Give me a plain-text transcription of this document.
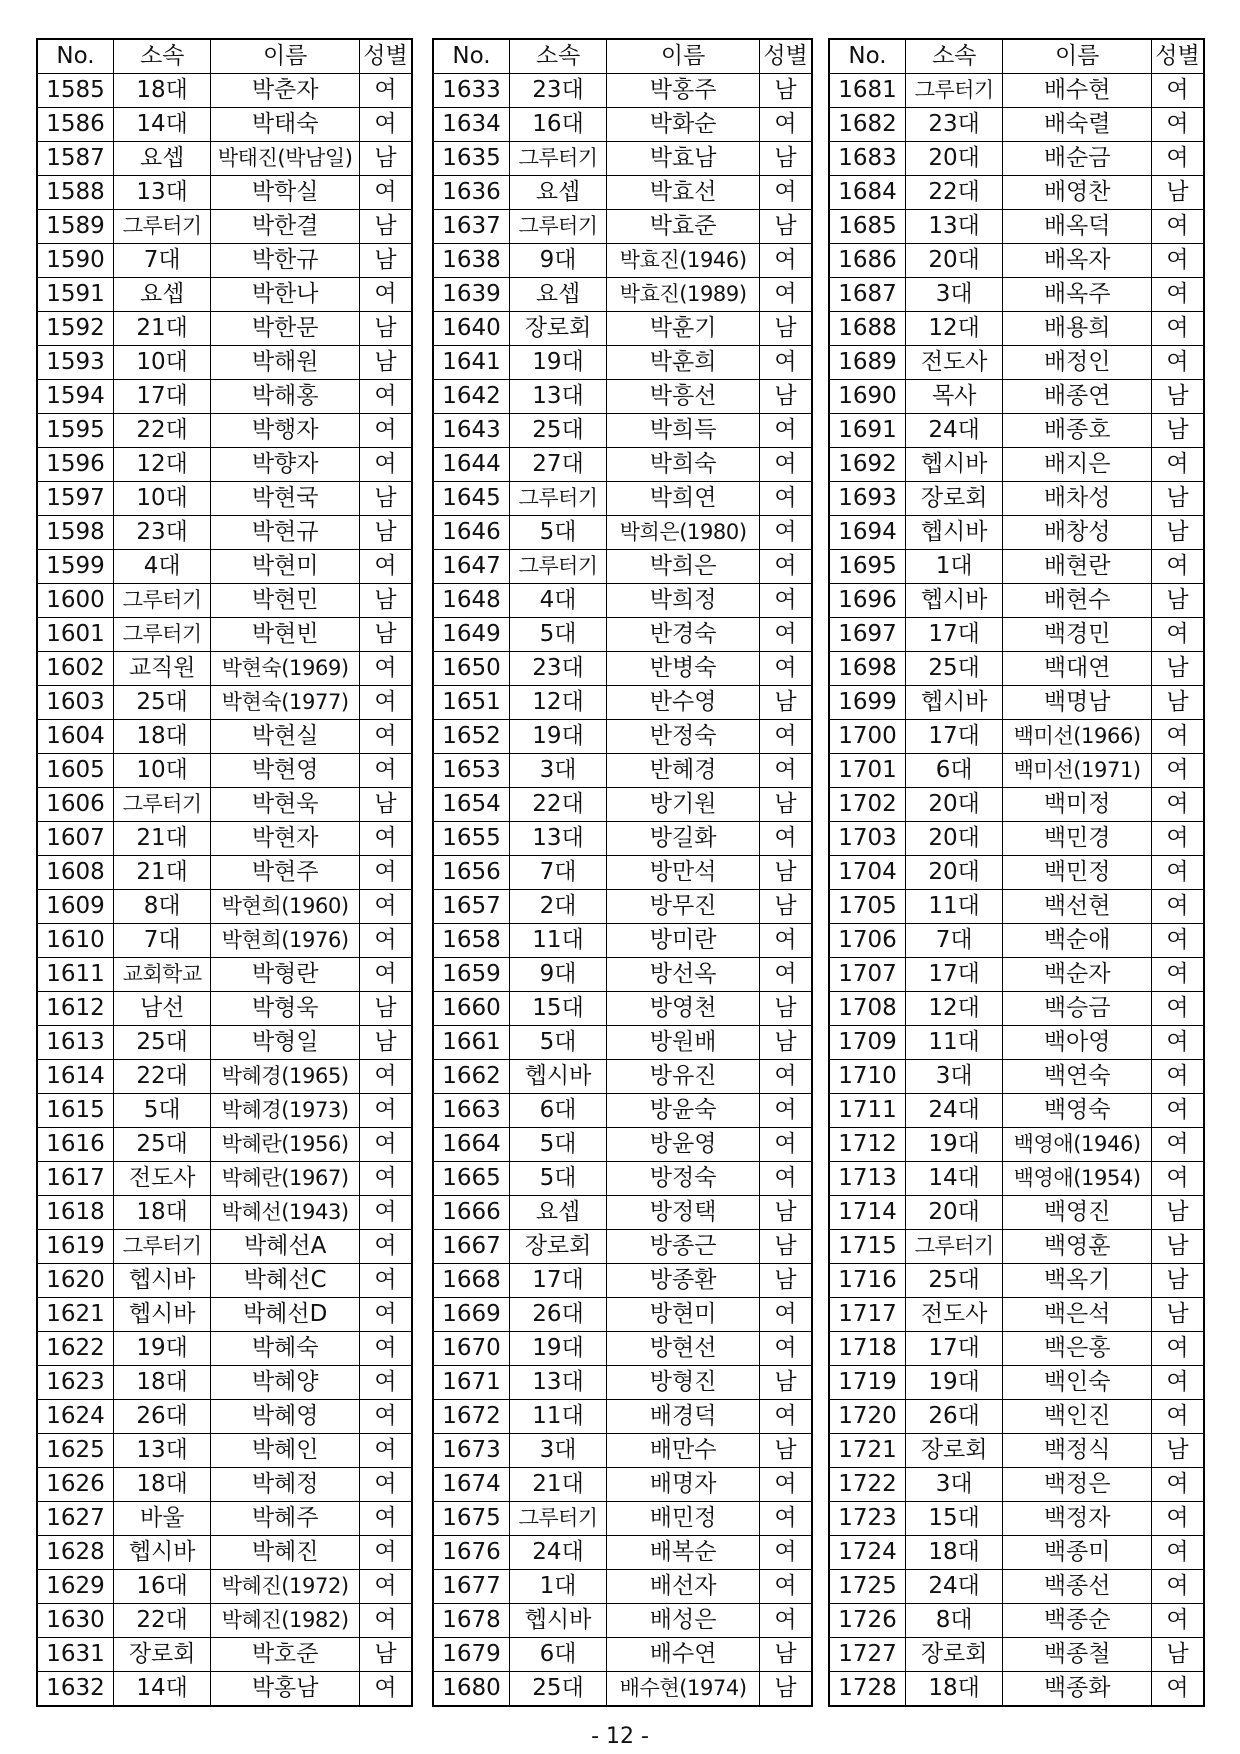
No.	소속	이름	성별
1585	18대	박춘자	여
1586	14대	박태숙	여
1587	요셉	박태진(박남일)	남
1588	13대	박학실	여
1589	그루터기	박한결	남
1590	7대	박한규	남
1591	요셉	박한나	여
1592	21대	박한문	남
1593	10대	박해원	남
1594	17대	박해홍	여
1595	22대	박행자	여
1596	12대	박향자	여
1597	10대	박현국	남
1598	23대	박현규	남
1599	4대	박현미	여
1600	그루터기	박현민	남
1601	그루터기	박현빈	남
1602	교직원	박현숙(1969)	여
1603	25대	박현숙(1977)	여
1604	18대	박현실	여
1605	10대	박현영	여
1606	그루터기	박현욱	남
1607	21대	박현자	여
1608	21대	박현주	여
1609	8대	박현희(1960)	여
1610	7대	박현희(1976)	여
1611	교회학교	박형란	여
1612	남선	박형욱	남
1613	25대	박형일	남
1614	22대	박혜경(1965)	여
1615	5대	박혜경(1973)	여
1616	25대	박혜란(1956)	여
1617	전도사	박혜란(1967)	여
1618	18대	박혜선(1943)	여
1619	그루터기	박혜선A	여
1620	헵시바	박혜선C	여
1621	헵시바	박혜선D	여
1622	19대	박혜숙	여
1623	18대	박혜양	여
1624	26대	박혜영	여
1625	13대	박혜인	여
1626	18대	박혜정	여
1627	바울	박혜주	여
1628	헵시바	박혜진	여
1629	16대	박혜진(1972)	여
1630	22대	박혜진(1982)	여
1631	장로회	박호준	남
1632	14대	박홍남	여
No.	소속	이름	성별
1633	23대	박홍주	남
1634	16대	박화순	여
1635	그루터기	박효남	남
1636	요셉	박효선	여
1637	그루터기	박효준	남
1638	9대	박효진(1946)	여
1639	요셉	박효진(1989)	여
1640	장로회	박훈기	남
1641	19대	박훈희	여
1642	13대	박흥선	남
1643	25대	박희득	여
1644	27대	박희숙	여
1645	그루터기	박희연	여
1646	5대	박희은(1980)	여
1647	그루터기	박희은	여
1648	4대	박희정	여
1649	5대	반경숙	여
1650	23대	반병숙	여
1651	12대	반수영	남
1652	19대	반정숙	여
1653	3대	반혜경	여
1654	22대	방기원	남
1655	13대	방길화	여
1656	7대	방만석	남
1657	2대	방무진	남
1658	11대	방미란	여
1659	9대	방선옥	여
1660	15대	방영천	남
1661	5대	방원배	남
1662	헵시바	방유진	여
1663	6대	방윤숙	여
1664	5대	방윤영	여
1665	5대	방정숙	여
1666	요셉	방정택	남
1667	장로회	방종근	남
1668	17대	방종환	남
1669	26대	방현미	여
1670	19대	방현선	여
1671	13대	방형진	남
1672	11대	배경덕	여
1673	3대	배만수	남
1674	21대	배명자	여
1675	그루터기	배민정	여
1676	24대	배복순	여
1677	1대	배선자	여
1678	헵시바	배성은	여
1679	6대	배수연	남
1680	25대	배수현(1974)	남
No.	소속	이름	성별
1681	그루터기	배수현	여
1682	23대	배숙렬	여
1683	20대	배순금	여
1684	22대	배영찬	남
1685	13대	배옥덕	여
1686	20대	배옥자	여
1687	3대	배옥주	여
1688	12대	배용희	여
1689	전도사	배정인	여
1690	목사	배종연	남
1691	24대	배종호	남
1692	헵시바	배지은	여
1693	장로회	배차성	남
1694	헵시바	배창성	남
1695	1대	배현란	여
1696	헵시바	배현수	남
1697	17대	백경민	여
1698	25대	백대연	남
1699	헵시바	백명남	남
1700	17대	백미선(1966)	여
1701	6대	백미선(1971)	여
1702	20대	백미정	여
1703	20대	백민경	여
1704	20대	백민정	여
1705	11대	백선현	여
1706	7대	백순애	여
1707	17대	백순자	여
1708	12대	백승금	여
1709	11대	백아영	여
1710	3대	백연숙	여
1711	24대	백영숙	여
1712	19대	백영애(1946)	여
1713	14대	백영애(1954)	여
1714	20대	백영진	남
1715	그루터기	백영훈	남
1716	25대	백옥기	남
1717	전도사	백은석	남
1718	17대	백은홍	여
1719	19대	백인숙	여
1720	26대	백인진	여
1721	장로회	백정식	남
1722	3대	백정은	여
1723	15대	백정자	여
1724	18대	백종미	여
1725	24대	백종선	여
1726	8대	백종순	여
1727	장로회	백종철	남
1728	18대	백종화	여
- 12 -
